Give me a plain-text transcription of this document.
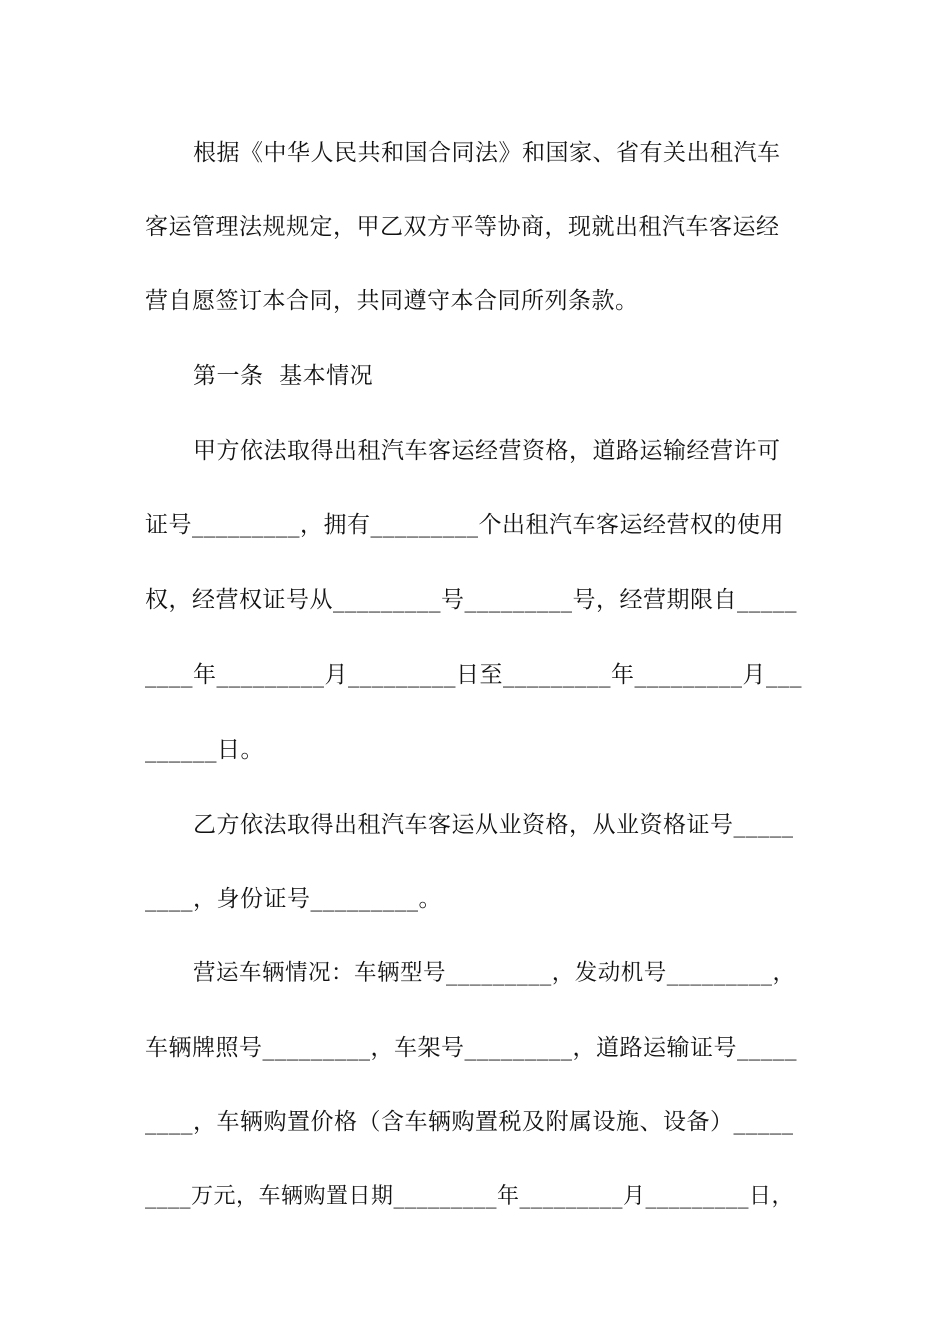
根据《中华人民共和国合同法》和国家、省有关出租汽车
客运管理法规规定，甲乙双方平等协商，现就出租汽车客运经
营自愿签订本合同，共同遵守本合同所列条款。
第一条  基本情况
甲方依法取得出租汽车客运经营资格，道路运输经营许可
证号_________，拥有_________个出租汽车客运经营权的使用
权，经营权证号从_________号_________号，经营期限自_____
____年_________月_________日至_________年_________月___
______日。
乙方依法取得出租汽车客运从业资格，从业资格证号_____
____，身份证号_________。
营运车辆情况：车辆型号_________，发动机号_________，
车辆牌照号_________，车架号_________，道路运输证号_____
____，车辆购置价格（含车辆购置税及附属设施、设备）_____
____万元，车辆购置日期_________年_________月_________日，
